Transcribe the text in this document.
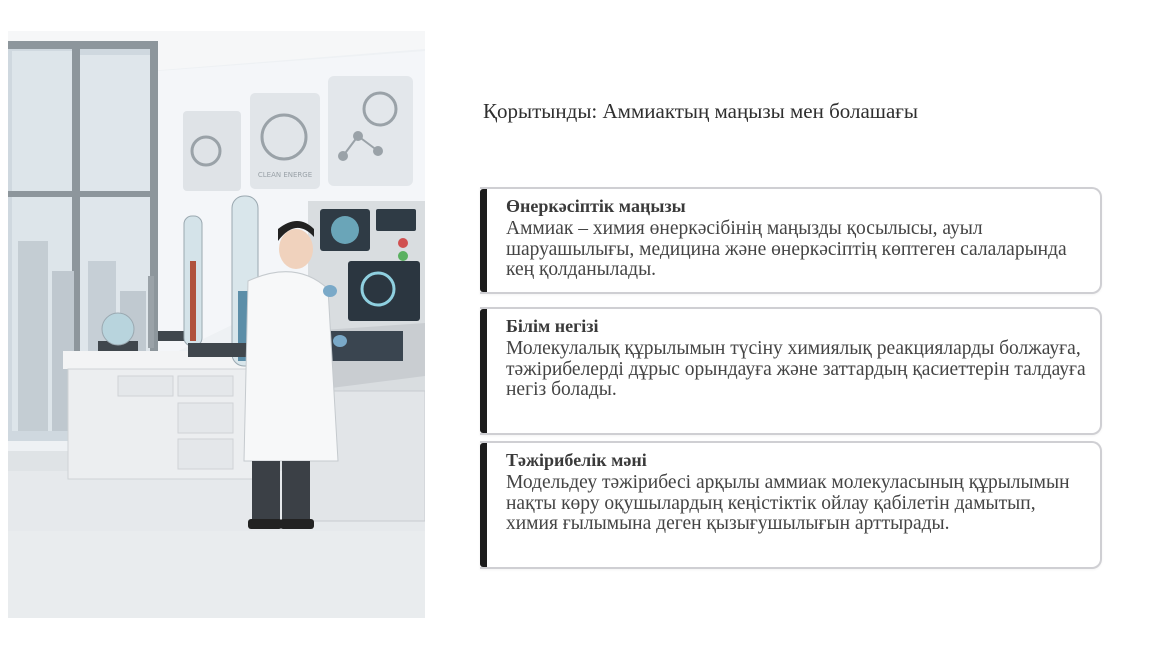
CLEAN ENERGE
Қорытынды: Аммиактың маңызы мен болашағы
Өнеркәсіптік маңызы
Аммиак – химия өнеркәсібінің маңызды қосылысы, ауыл шаруашылығы, медицина және өнеркәсіптің көптеген салаларында кең қолданылады.
Білім негізі
Молекулалық құрылымын түсіну химиялық реакцияларды болжауға, тәжірибелерді дұрыс орындауға және заттардың қасиеттерін талдауға негіз болады.
Тәжірибелік мәні
Модельдеу тәжірибесі арқылы аммиак молекуласының құрылымын нақты көру оқушылардың кеңістіктік ойлау қабілетін дамытып, химия ғылымына деген қызығушылығын арттырады.
